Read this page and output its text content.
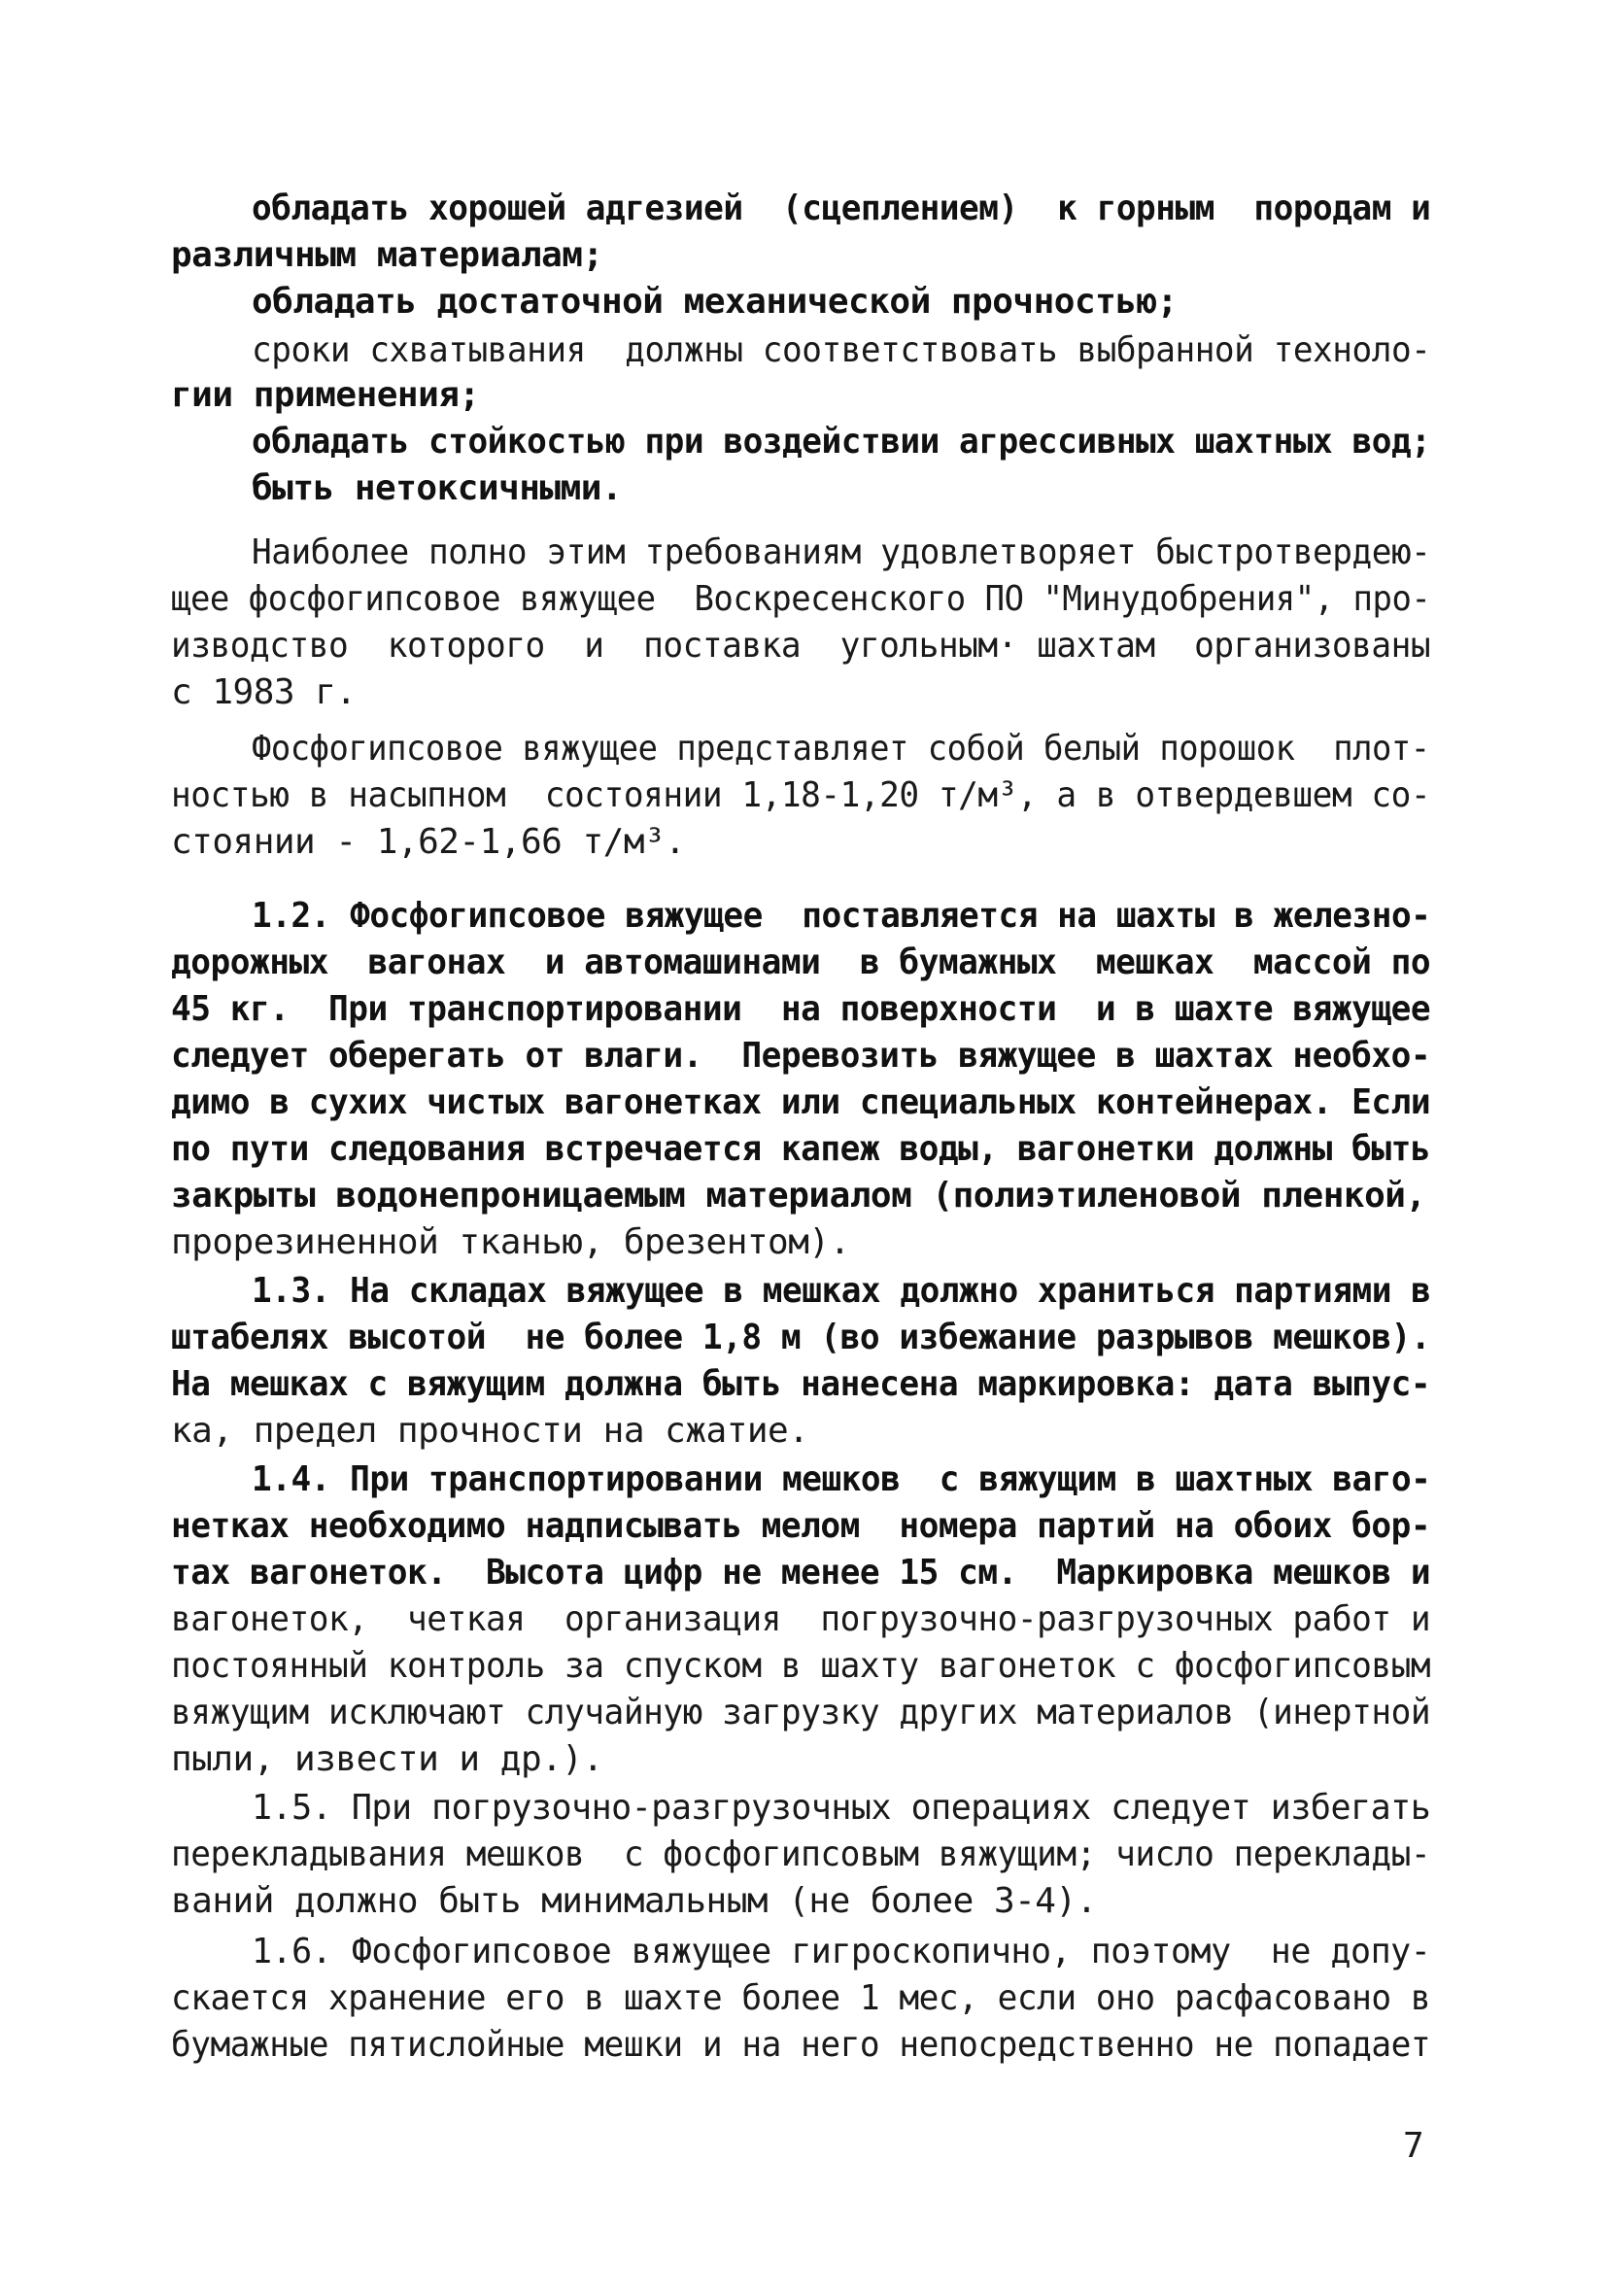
обладать хорошей адгезией  (сцеплением)  к горным  породам и
различным материалам;
обладать достаточной механической прочностью;
сроки схватывания  должны соответствовать выбранной техноло-
гии применения;
обладать стойкостью при воздействии агрессивных шахтных вод;
быть нетоксичными.
Наиболее полно этим требованиям удовлетворяет быстротвердею-
щее фосфогипсовое вяжущее  Воскресенского ПО "Минудобрения", про-
изводство  которого  и  поставка  угольным· шахтам  организованы
с 1983 г.
Фосфогипсовое вяжущее представляет собой белый порошок  плот-
ностью в насыпном  состоянии 1,18-1,20 т/м³, а в отвердевшем со-
стоянии - 1,62-1,66 т/м³.
1.2. Фосфогипсовое вяжущее  поставляется на шахты в железно-
дорожных  вагонах  и автомашинами  в бумажных  мешках  массой по
45 кг.  При транспортировании  на поверхности  и в шахте вяжущее
следует оберегать от влаги.  Перевозить вяжущее в шахтах необхо-
димо в сухих чистых вагонетках или специальных контейнерах. Если
по пути следования встречается капеж воды, вагонетки должны быть
закрыты водонепроницаемым материалом (полиэтиленовой пленкой,
прорезиненной тканью, брезентом).
1.3. На складах вяжущее в мешках должно храниться партиями в
штабелях высотой  не более 1,8 м (во избежание разрывов мешков).
На мешках с вяжущим должна быть нанесена маркировка: дата выпус-
ка, предел прочности на сжатие.
1.4. При транспортировании мешков  с вяжущим в шахтных ваго-
нетках необходимо надписывать мелом  номера партий на обоих бор-
тах вагонеток.  Высота цифр не менее 15 см.  Маркировка мешков и
вагонеток,  четкая  организация  погрузочно-разгрузочных работ и
постоянный контроль за спуском в шахту вагонеток с фосфогипсовым
вяжущим исключают случайную загрузку других материалов (инертной
пыли, извести и др.).
1.5. При погрузочно-разгрузочных операциях следует избегать
перекладывания мешков  с фосфогипсовым вяжущим; число переклады-
ваний должно быть минимальным (не более 3-4).
1.6. Фосфогипсовое вяжущее гигроскопично, поэтому  не допу-
скается хранение его в шахте более 1 мес, если оно расфасовано в
бумажные пятислойные мешки и на него непосредственно не попадает
7
